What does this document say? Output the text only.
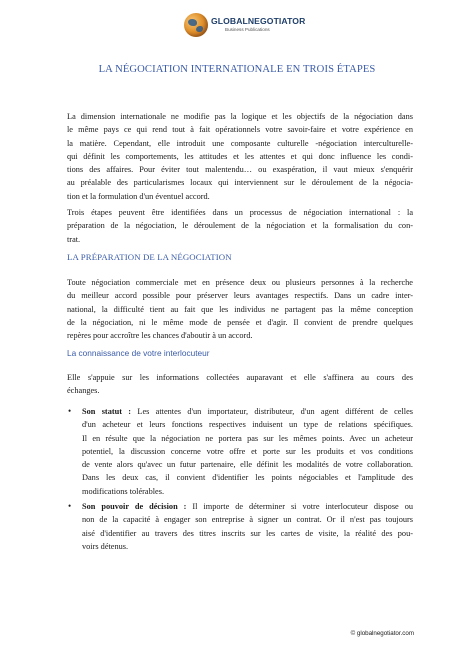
GLOBALNEGOTIATOR
Business Publications
LA NÉGOCIATION INTERNATIONALE EN TROIS ÉTAPES
La dimension internationale ne modifie pas la logique et les objectifs de la négociation dans
le même pays ce qui rend tout à fait opérationnels votre savoir-faire et votre expérience en
la matière. Cependant, elle introduit une composante culturelle -négociation interculturelle-
qui définit les comportements, les attitudes et les attentes et qui donc influence les condi-
tions des affaires. Pour éviter tout malentendu… ou exaspération, il vaut mieux s'enquérir
au préalable des particularismes locaux qui interviennent sur le déroulement de la négocia-
tion et la formulation d'un éventuel accord.
Trois étapes peuvent être identifiées dans un processus de négociation international : la
préparation de la négociation, le déroulement de la négociation et la formalisation du con-
trat.
LA PRÉPARATION DE LA NÉGOCIATION
Toute négociation commerciale met en présence deux ou plusieurs personnes à la recherche
du meilleur accord possible pour préserver leurs avantages respectifs. Dans un cadre inter-
national, la difficulté tient au fait que les individus ne partagent pas la même conception
de la négociation, ni le même mode de pensée et d'agir. Il convient de prendre quelques
repères pour accroître les chances d'aboutir à un accord.
La connaissance de votre interlocuteur
Elle s'appuie sur les informations collectées auparavant et elle s'affinera au cours des
échanges.
• Son statut : Les attentes d'un importateur, distributeur, d'un agent différent de celles
d'un acheteur et leurs fonctions respectives induisent un type de relations spécifiques.
Il en résulte que la négociation ne portera pas sur les mêmes points. Avec un acheteur
potentiel, la discussion concerne votre offre et porte sur les produits et vos conditions
de vente alors qu'avec un futur partenaire, elle définit les modalités de votre collaboration.
Dans les deux cas, il convient d'identifier les points négociables et l'amplitude des
modifications tolérables.
• Son pouvoir de décision : Il importe de déterminer si votre interlocuteur dispose ou
non de la capacité à engager son entreprise à signer un contrat. Or il n'est pas toujours
aisé d'identifier au travers des titres inscrits sur les cartes de visite, la réalité des pou-
voirs détenus.
© globalnegotiator.com
